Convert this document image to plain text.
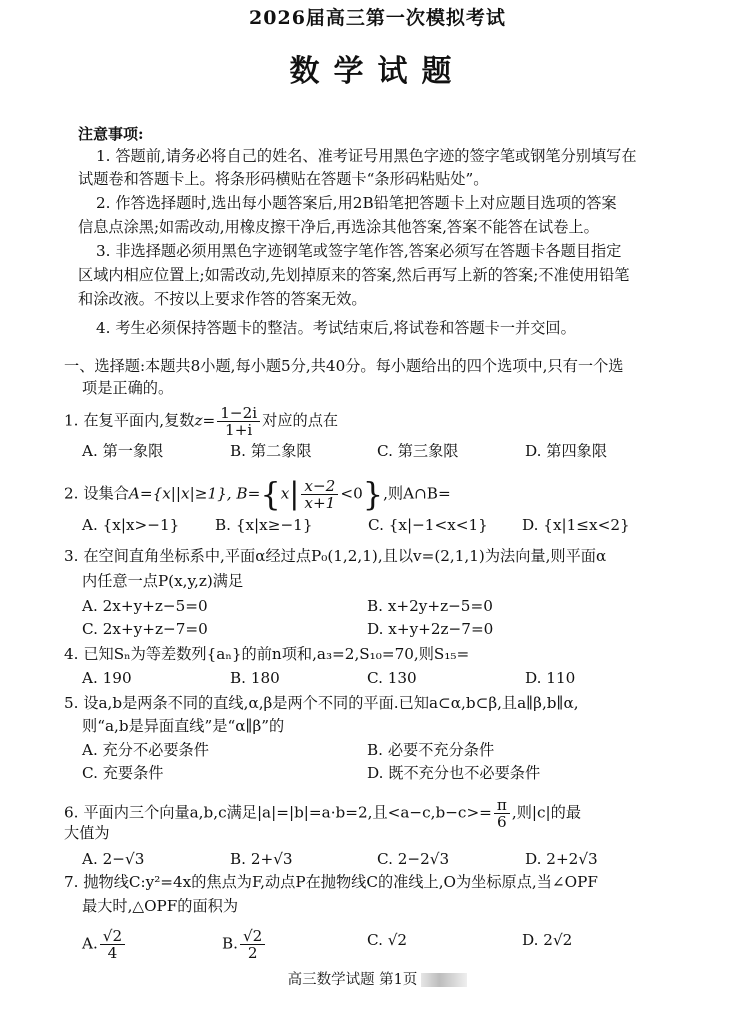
2026届高三第一次模拟考试
数学试题
注意事项:
1. 答题前,请务必将自己的姓名、准考证号用黑色字迹的签字笔或钢笔分别填写在
试题卷和答题卡上。将条形码横贴在答题卡“条形码粘贴处”。
2. 作答选择题时,选出每小题答案后,用2B铅笔把答题卡上对应题目选项的答案
信息点涂黑;如需改动,用橡皮擦干净后,再选涂其他答案,答案不能答在试卷上。
3. 非选择题必须用黑色字迹钢笔或签字笔作答,答案必须写在答题卡各题目指定
区域内相应位置上;如需改动,先划掉原来的答案,然后再写上新的答案;不准使用铅笔
和涂改液。不按以上要求作答的答案无效。
4. 考生必须保持答题卡的整洁。考试结束后,将试卷和答题卡一并交回。
一、选择题:本题共8小题,每小题5分,共40分。每小题给出的四个选项中,只有一个选
项是正确的。
1. 在复平面内,复数$z= \frac{1-2i}{1+i}$ 对应的点在
A. 第一象限	B. 第二象限	C. 第三象限	D. 第四象限
2. 设集合A={x||x|≥1}, $B=\{x| \frac{x-2}{x+1} <0\}$,则A∩B=
A. {x|x>−1} B. {x|x≥−1}	C. {x|−1<x<1} D. {x|1≤x<2}
3. 在空间直角坐标系中,平面α经过点P₀(1,2,1),且以v=(2,1,1)为法向量,则平面α
内任意一点P(x,y,z)满足
A. 2x+y+z−5=0	B. x+2y+z−5=0
C. 2x+y+z−7=0	D. x+y+2z−7=0
4. 已知Sₙ为等差数列{aₙ}的前n项和,a₃=2,S₁₀=70,则S₁₅=
A. 190	B. 180	C. 130	D. 110
5. 设a,b是两条不同的直线,α,β是两个不同的平面.已知a⊂α,b⊂β,且a∥β,b∥α,
则“a,b是异面直线”是“α∥β”的
A. 充分不必要条件	B. 必要不充分条件
C. 充要条件	D. 既不充分也不必要条件
6. 平面内三个向量a,b,c满足|a|=|b|=a·b=2,且$<a-c,b-c>= \frac{\pi}{6}$ ,则|c|的最
大值为
A. 2−√3	B. 2+√3	C. 2−2√3	D. 2+2√3
7. 抛物线C:y²=4x的焦点为F,动点P在抛物线C的准线上,O为坐标原点,当∠OPF
最大时,△OPF的面积为
A. $\frac{√2}{4}$	B. $\frac{√2}{2}$	C. √2	D. 2√2
高三数学试题 第1页
